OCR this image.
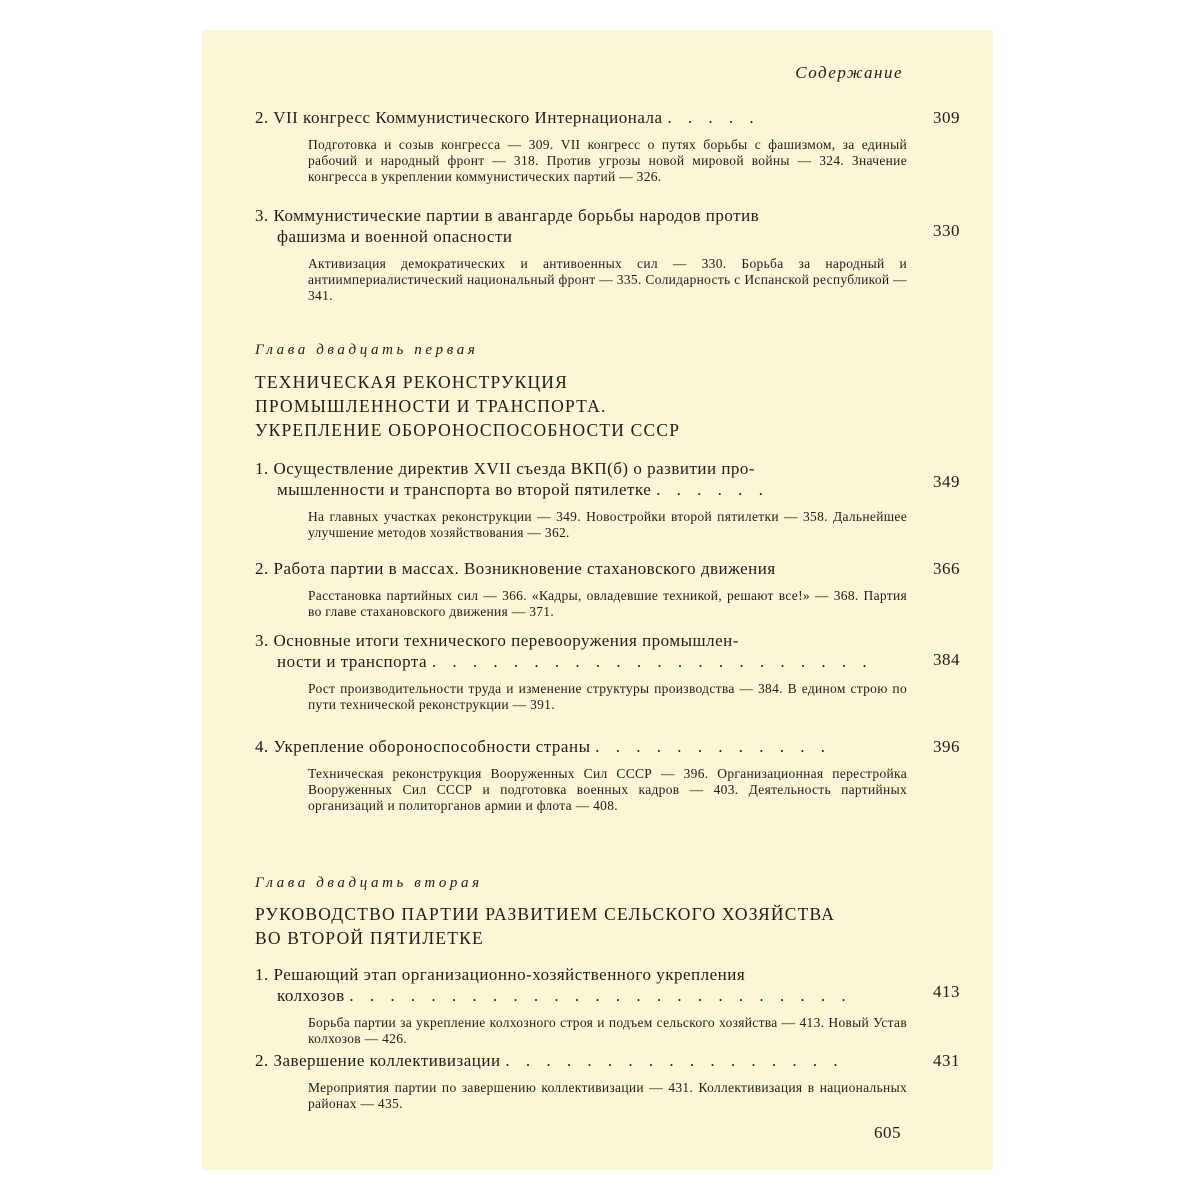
Содержание
2. VII конгресс Коммунистического Интернационала . . . . .	309
Подготовка и созыв конгресса — 309. VII конгресс о путях борьбы с фашизмом, за единый рабочий и народный фронт — 318. Против угрозы новой мировой войны — 324. Значение конгресса в укреплении коммунистических партий — 326.
3. Коммунистические партии в авангарде борьбы народов против
фашизма и военной опасности	330
Активизация демократических и антивоенных сил — 330. Борьба за народный и антиимпериалистический национальный фронт — 335. Солидарность с Испанской республикой — 341.
Глава двадцать первая
ТЕХНИЧЕСКАЯ РЕКОНСТРУКЦИЯ
ПРОМЫШЛЕННОСТИ И ТРАНСПОРТА.
УКРЕПЛЕНИЕ ОБОРОНОСПОСОБНОСТИ СССР
1. Осуществление директив XVII съезда ВКП(б) о развитии про-
мышленности и транспорта во второй пятилетке . . . . . .	349
На главных участках реконструкции — 349. Новостройки второй пятилетки — 358. Дальнейшее улучшение методов хозяйствования — 362.
2. Работа партии в массах. Возникновение стахановского движения	366
Расстановка партийных сил — 366. «Кадры, овладевшие техникой, решают все!» — 368. Партия во главе стахановского движения — 371.
3. Основные итоги технического перевооружения промышлен-
ности и транспорта . . . . . . . . . . . . . . . . . . . . . .	384
Рост производительности труда и изменение структуры производства — 384. В едином строю по пути технической реконструкции — 391.
4. Укрепление обороноспособности страны . . . . . . . . . . . .	396
Техническая реконструкция Вооруженных Сил СССР — 396. Организационная перестройка Вооруженных Сил СССР и подготовка военных кадров — 403. Деятельность партийных организаций и политорганов армии и флота — 408.
Глава двадцать вторая
РУКОВОДСТВО ПАРТИИ РАЗВИТИЕМ СЕЛЬСКОГО ХОЗЯЙСТВА
ВО ВТОРОЙ ПЯТИЛЕТКЕ
1. Решающий этап организационно-хозяйственного укрепления
колхозов . . . . . . . . . . . . . . . . . . . . . . . . .	413
Борьба партии за укрепление колхозного строя и подъем сельского хозяйства — 413. Новый Устав колхозов — 426.
2. Завершение коллективизации . . . . . . . . . . . . . . . . .	431
Мероприятия партии по завершению коллективизации — 431. Коллективизация в национальных районах — 435.
605
